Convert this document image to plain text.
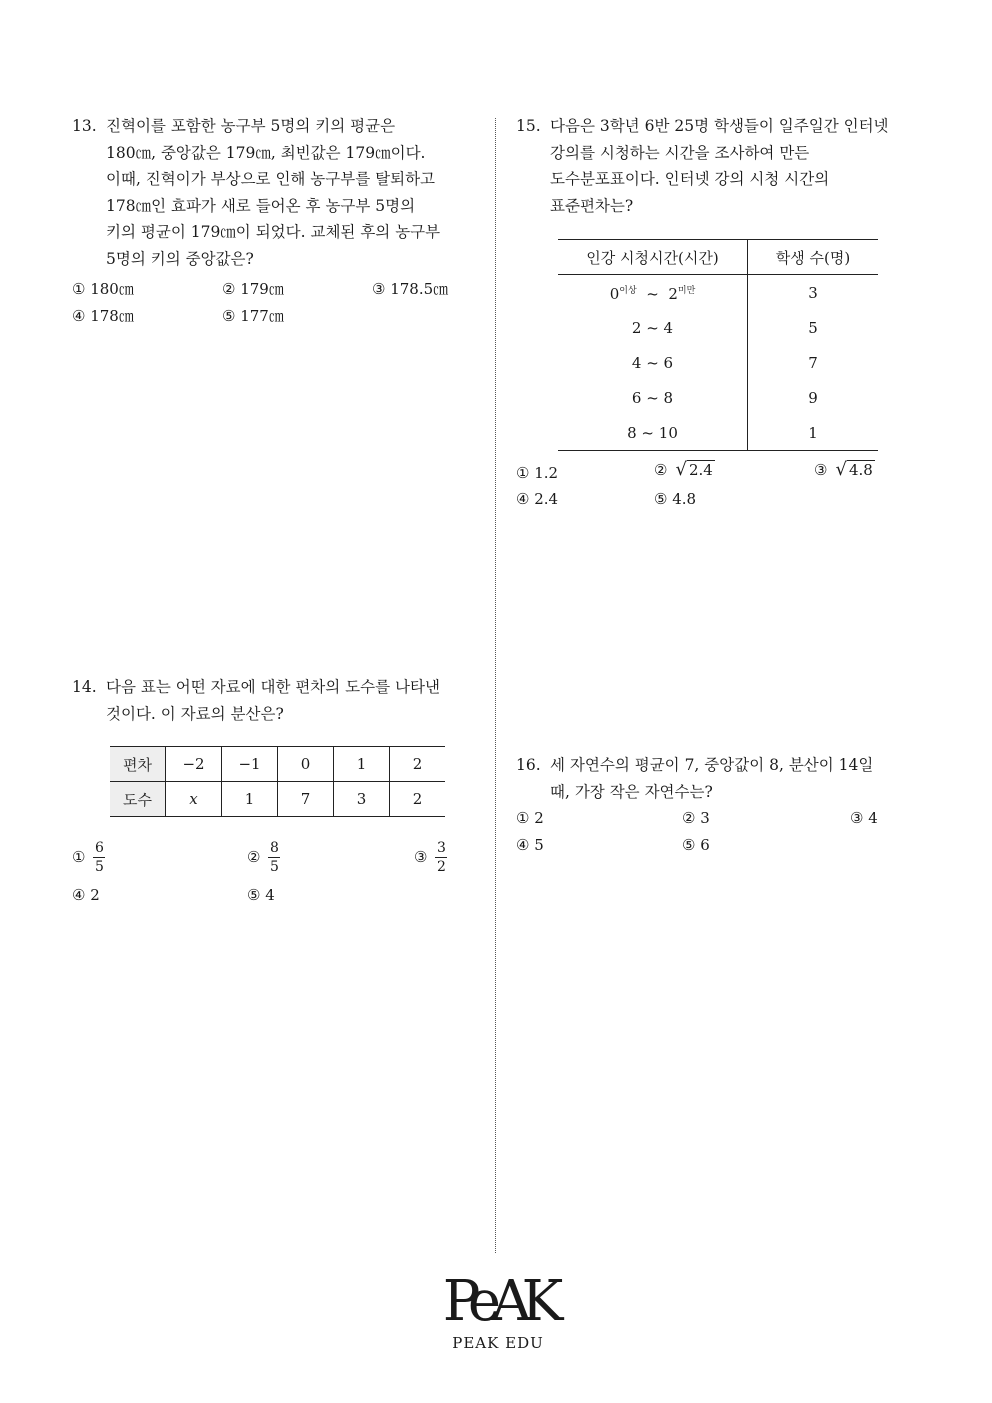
13. 진혁이를 포함한 농구부 5명의 키의 평균은
180㎝, 중앙값은 179㎝, 최빈값은 179㎝이다.
이때, 진혁이가 부상으로 인해 농구부를 탈퇴하고
178㎝인 효파가 새로 들어온 후 농구부 5명의
키의 평균이 179㎝이 되었다. 교체된 후의 농구부
5명의 키의 중앙값은?
① 180㎝	② 179㎝	③ 178.5㎝
④ 178㎝	⑤ 177㎝
14. 다음 표는 어떤 자료에 대한 편차의 도수를 나타낸
것이다. 이 자료의 분산은?
편차	−2	−1	0	1	2
도수	x	1	7	3	2
① $\frac{6}{5}$	② $\frac{8}{5}$	③ $\frac{3}{2}$
④ 2	⑤ 4
15. 다음은 3학년 6반 25명 학생들이 일주일간 인터넷
강의를 시청하는 시간을 조사하여 만든
도수분포표이다. 인터넷 강의 시청 시간의
표준편차는?
인강 시청시간(시간)	학생 수(명)
$0^{이상}$ ~ $2^{미만}$	3
2 ~ 4	5
4 ~ 6	7
6 ~ 8	9
8 ~ 10	1
① 1.2	② √ 2.4	③ √ 4.8
④ 2.4	⑤ 4.8
16. 세 자연수의 평균이 7, 중앙값이 8, 분산이 14일
때, 가장 작은 자연수는?
① 2	② 3	③ 4
④ 5	⑤ 6
PeAK
PEAK EDU
